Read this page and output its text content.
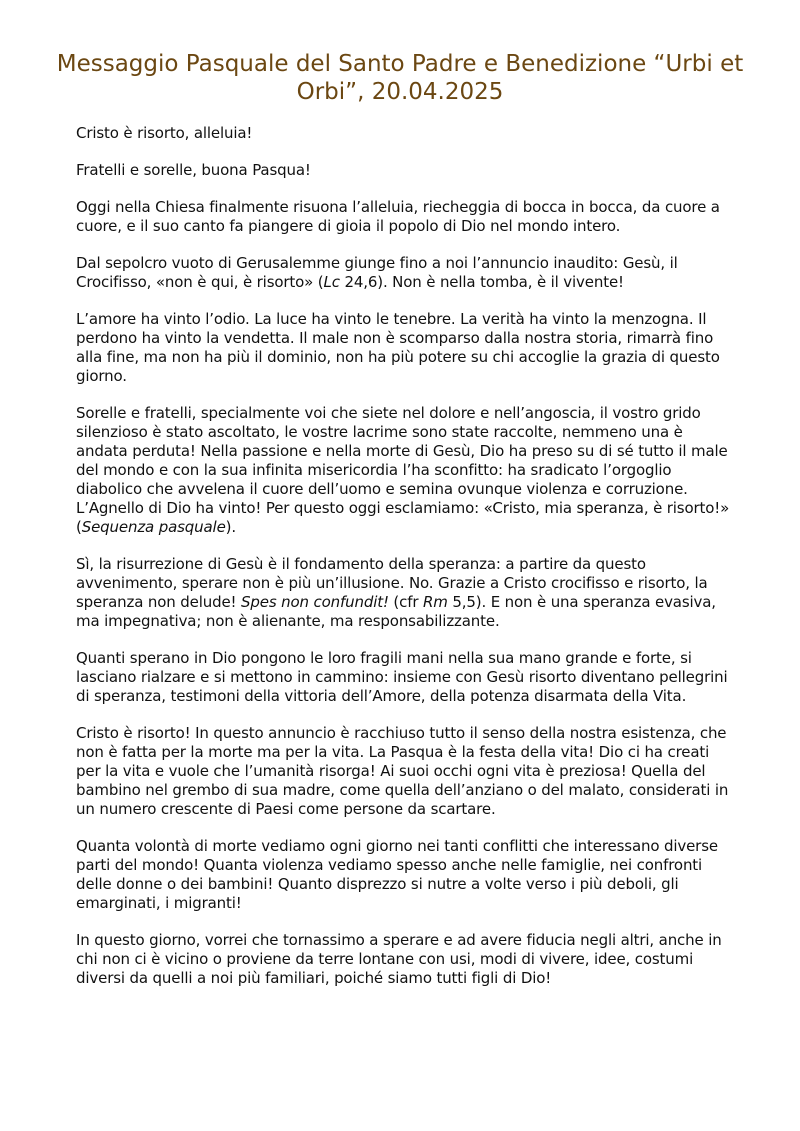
Messaggio Pasquale del Santo Padre e Benedizione “Urbi et Orbi”, 20.04.2025

Cristo è risorto, alleluia!

Fratelli e sorelle, buona Pasqua!

Oggi nella Chiesa finalmente risuona l’alleluia, riecheggia di bocca in bocca, da cuore a cuore, e il suo canto fa piangere di gioia il popolo di Dio nel mondo intero.

Dal sepolcro vuoto di Gerusalemme giunge fino a noi l’annuncio inaudito: Gesù, il Crocifisso, «non è qui, è risorto» (Lc 24,6). Non è nella tomba, è il vivente!

L’amore ha vinto l’odio. La luce ha vinto le tenebre. La verità ha vinto la menzogna. Il perdono ha vinto la vendetta. Il male non è scomparso dalla nostra storia, rimarrà fino alla fine, ma non ha più il dominio, non ha più potere su chi accoglie la grazia di questo giorno.

Sorelle e fratelli, specialmente voi che siete nel dolore e nell’angoscia, il vostro grido silenzioso è stato ascoltato, le vostre lacrime sono state raccolte, nemmeno una è andata perduta! Nella passione e nella morte di Gesù, Dio ha preso su di sé tutto il male del mondo e con la sua infinita misericordia l’ha sconfitto: ha sradicato l’orgoglio diabolico che avvelena il cuore dell’uomo e semina ovunque violenza e corruzione. L’Agnello di Dio ha vinto! Per questo oggi esclamiamo: «Cristo, mia speranza, è risorto!» (Sequenza pasquale).

Sì, la risurrezione di Gesù è il fondamento della speranza: a partire da questo avvenimento, sperare non è più un’illusione. No. Grazie a Cristo crocifisso e risorto, la speranza non delude! Spes non confundit! (cfr Rm 5,5). E non è una speranza evasiva, ma impegnativa; non è alienante, ma responsabilizzante.

Quanti sperano in Dio pongono le loro fragili mani nella sua mano grande e forte, si lasciano rialzare e si mettono in cammino: insieme con Gesù risorto diventano pellegrini di speranza, testimoni della vittoria dell’Amore, della potenza disarmata della Vita.

Cristo è risorto! In questo annuncio è racchiuso tutto il senso della nostra esistenza, che non è fatta per la morte ma per la vita. La Pasqua è la festa della vita! Dio ci ha creati per la vita e vuole che l’umanità risorga! Ai suoi occhi ogni vita è preziosa! Quella del bambino nel grembo di sua madre, come quella dell’anziano o del malato, considerati in un numero crescente di Paesi come persone da scartare.

Quanta volontà di morte vediamo ogni giorno nei tanti conflitti che interessano diverse parti del mondo! Quanta violenza vediamo spesso anche nelle famiglie, nei confronti delle donne o dei bambini! Quanto disprezzo si nutre a volte verso i più deboli, gli emarginati, i migranti!

In questo giorno, vorrei che tornassimo a sperare e ad avere fiducia negli altri, anche in chi non ci è vicino o proviene da terre lontane con usi, modi di vivere, idee, costumi diversi da quelli a noi più familiari, poiché siamo tutti figli di Dio!
